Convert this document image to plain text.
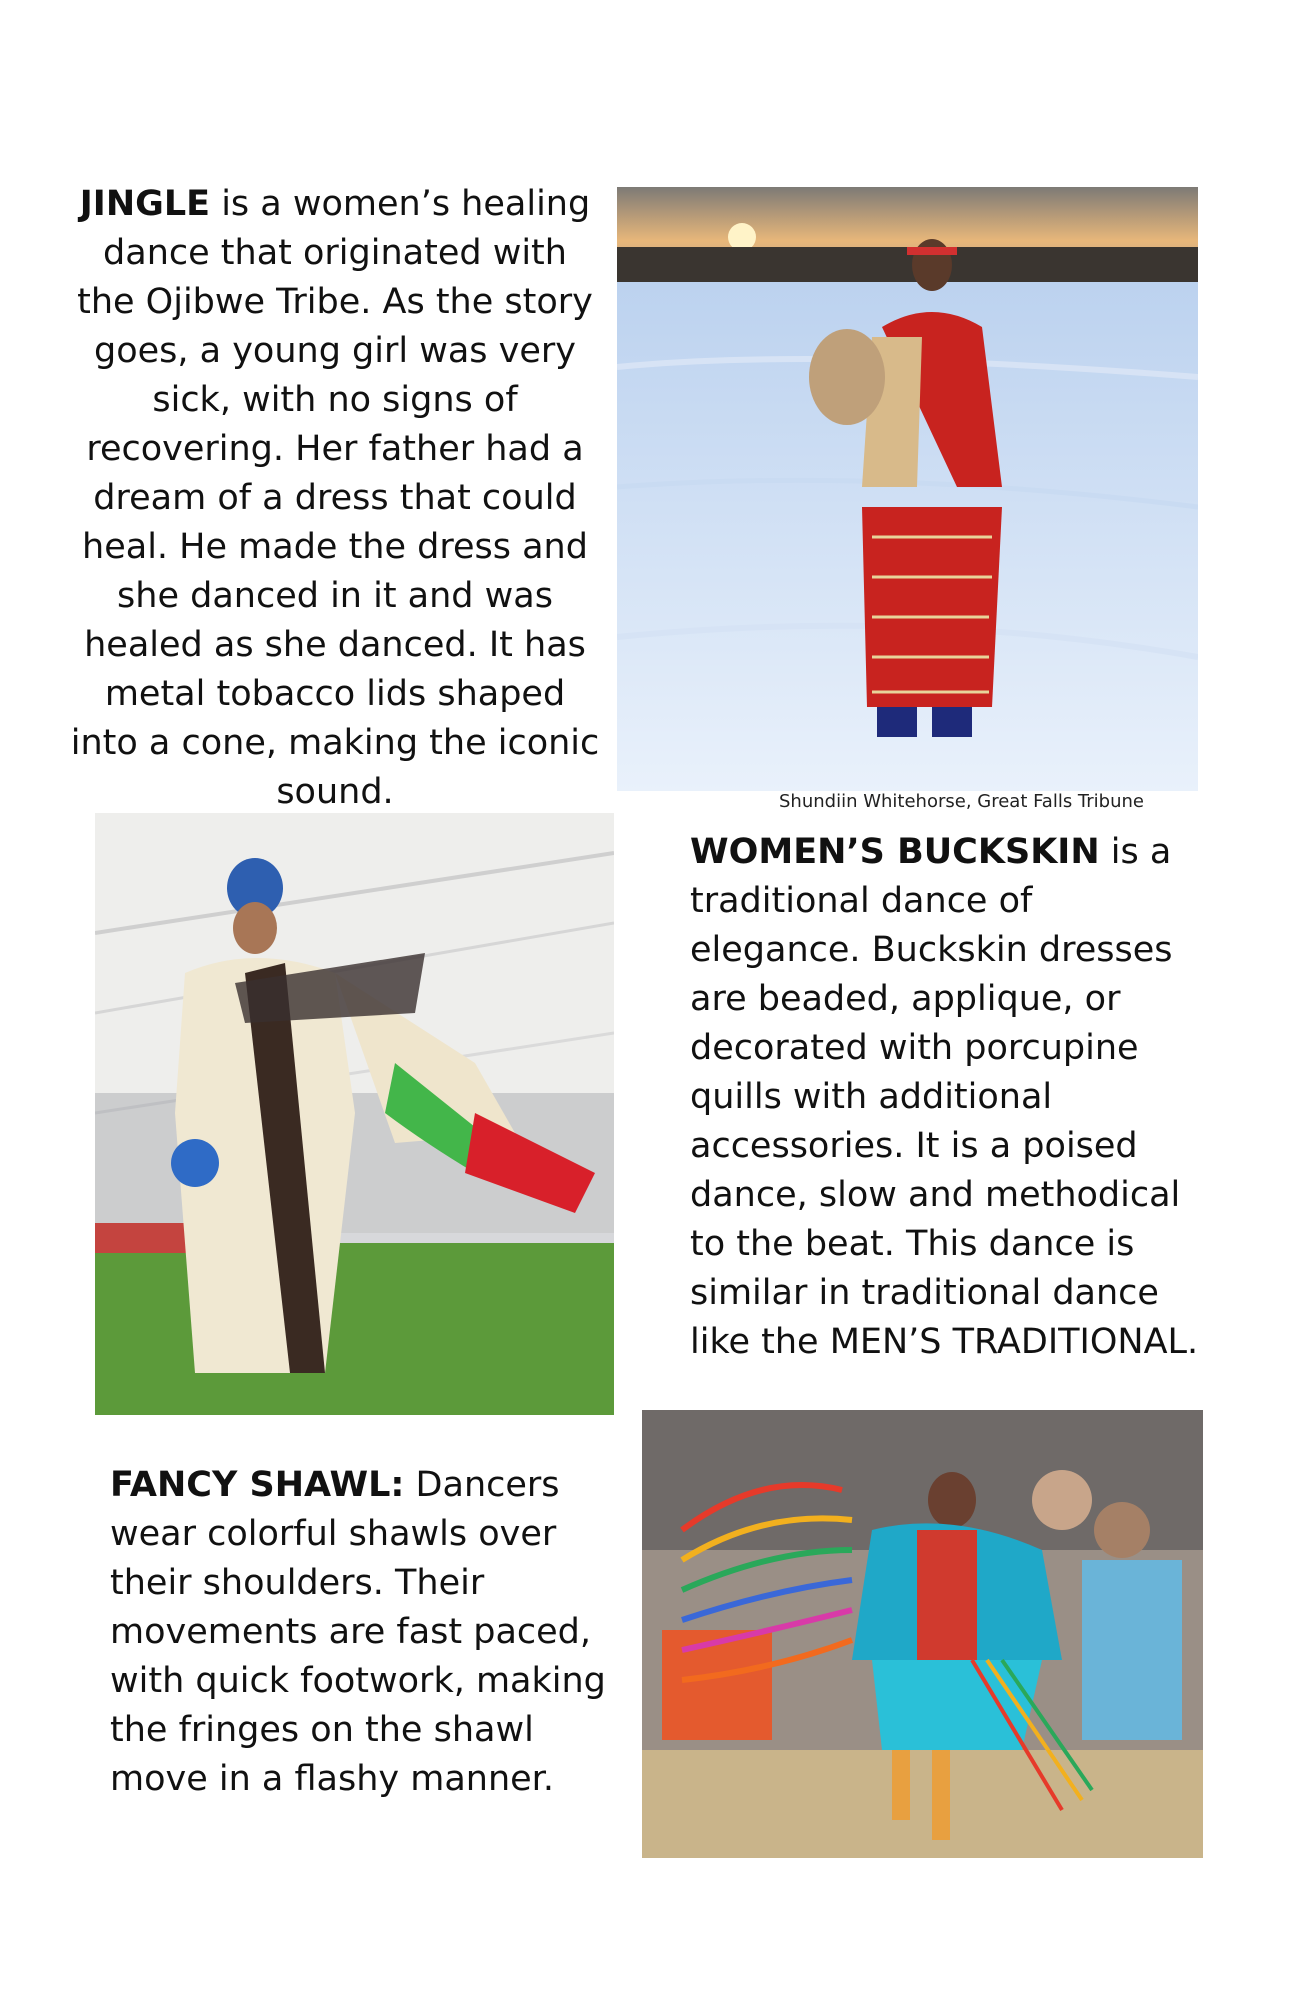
JINGLE is a women’s healing dance that originated with the Ojibwe Tribe. As the story goes, a young girl was very sick, with no signs of recovering. Her father had a dream of a dress that could heal. He made the dress and she danced in it and was healed as she danced. It has metal tobacco lids shaped into a cone, making the iconic sound.	Shundiin Whitehorse, Great Falls Tribune

WOMEN’S BUCKSKIN is a traditional dance of elegance. Buckskin dresses are beaded, applique, or decorated with porcupine quills with additional accessories. It is a poised dance, slow and methodical to the beat. This dance is similar in traditional dance like the MEN’S TRADITIONAL.

FANCY SHAWL: Dancers wear colorful shawls over their shoulders. Their movements are fast paced, with quick footwork, making the fringes on the shawl move in a flashy manner.
